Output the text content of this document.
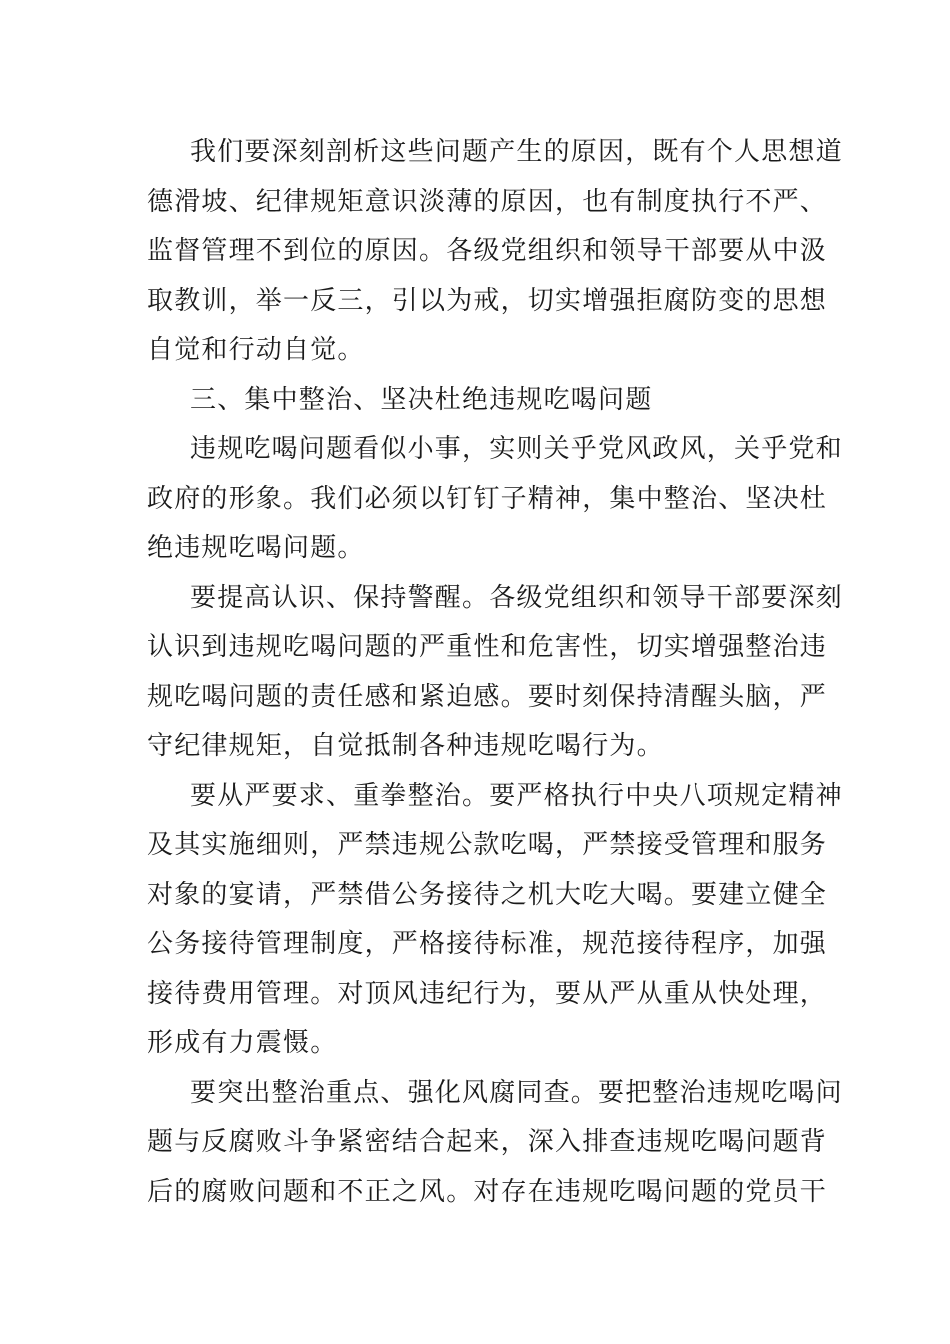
我们要深刻剖析这些问题产生的原因，既有个人思想道
德滑坡、纪律规矩意识淡薄的原因，也有制度执行不严、
监督管理不到位的原因。各级党组织和领导干部要从中汲
取教训，举一反三，引以为戒，切实增强拒腐防变的思想
自觉和行动自觉。

三、集中整治、坚决杜绝违规吃喝问题

违规吃喝问题看似小事，实则关乎党风政风，关乎党和
政府的形象。我们必须以钉钉子精神，集中整治、坚决杜
绝违规吃喝问题。

要提高认识、保持警醒。各级党组织和领导干部要深刻
认识到违规吃喝问题的严重性和危害性，切实增强整治违
规吃喝问题的责任感和紧迫感。要时刻保持清醒头脑，严
守纪律规矩，自觉抵制各种违规吃喝行为。

要从严要求、重拳整治。要严格执行中央八项规定精神
及其实施细则，严禁违规公款吃喝，严禁接受管理和服务
对象的宴请，严禁借公务接待之机大吃大喝。要建立健全
公务接待管理制度，严格接待标准，规范接待程序，加强
接待费用管理。对顶风违纪行为，要从严从重从快处理，
形成有力震慑。

要突出整治重点、强化风腐同查。要把整治违规吃喝问
题与反腐败斗争紧密结合起来，深入排查违规吃喝问题背
后的腐败问题和不正之风。对存在违规吃喝问题的党员干
